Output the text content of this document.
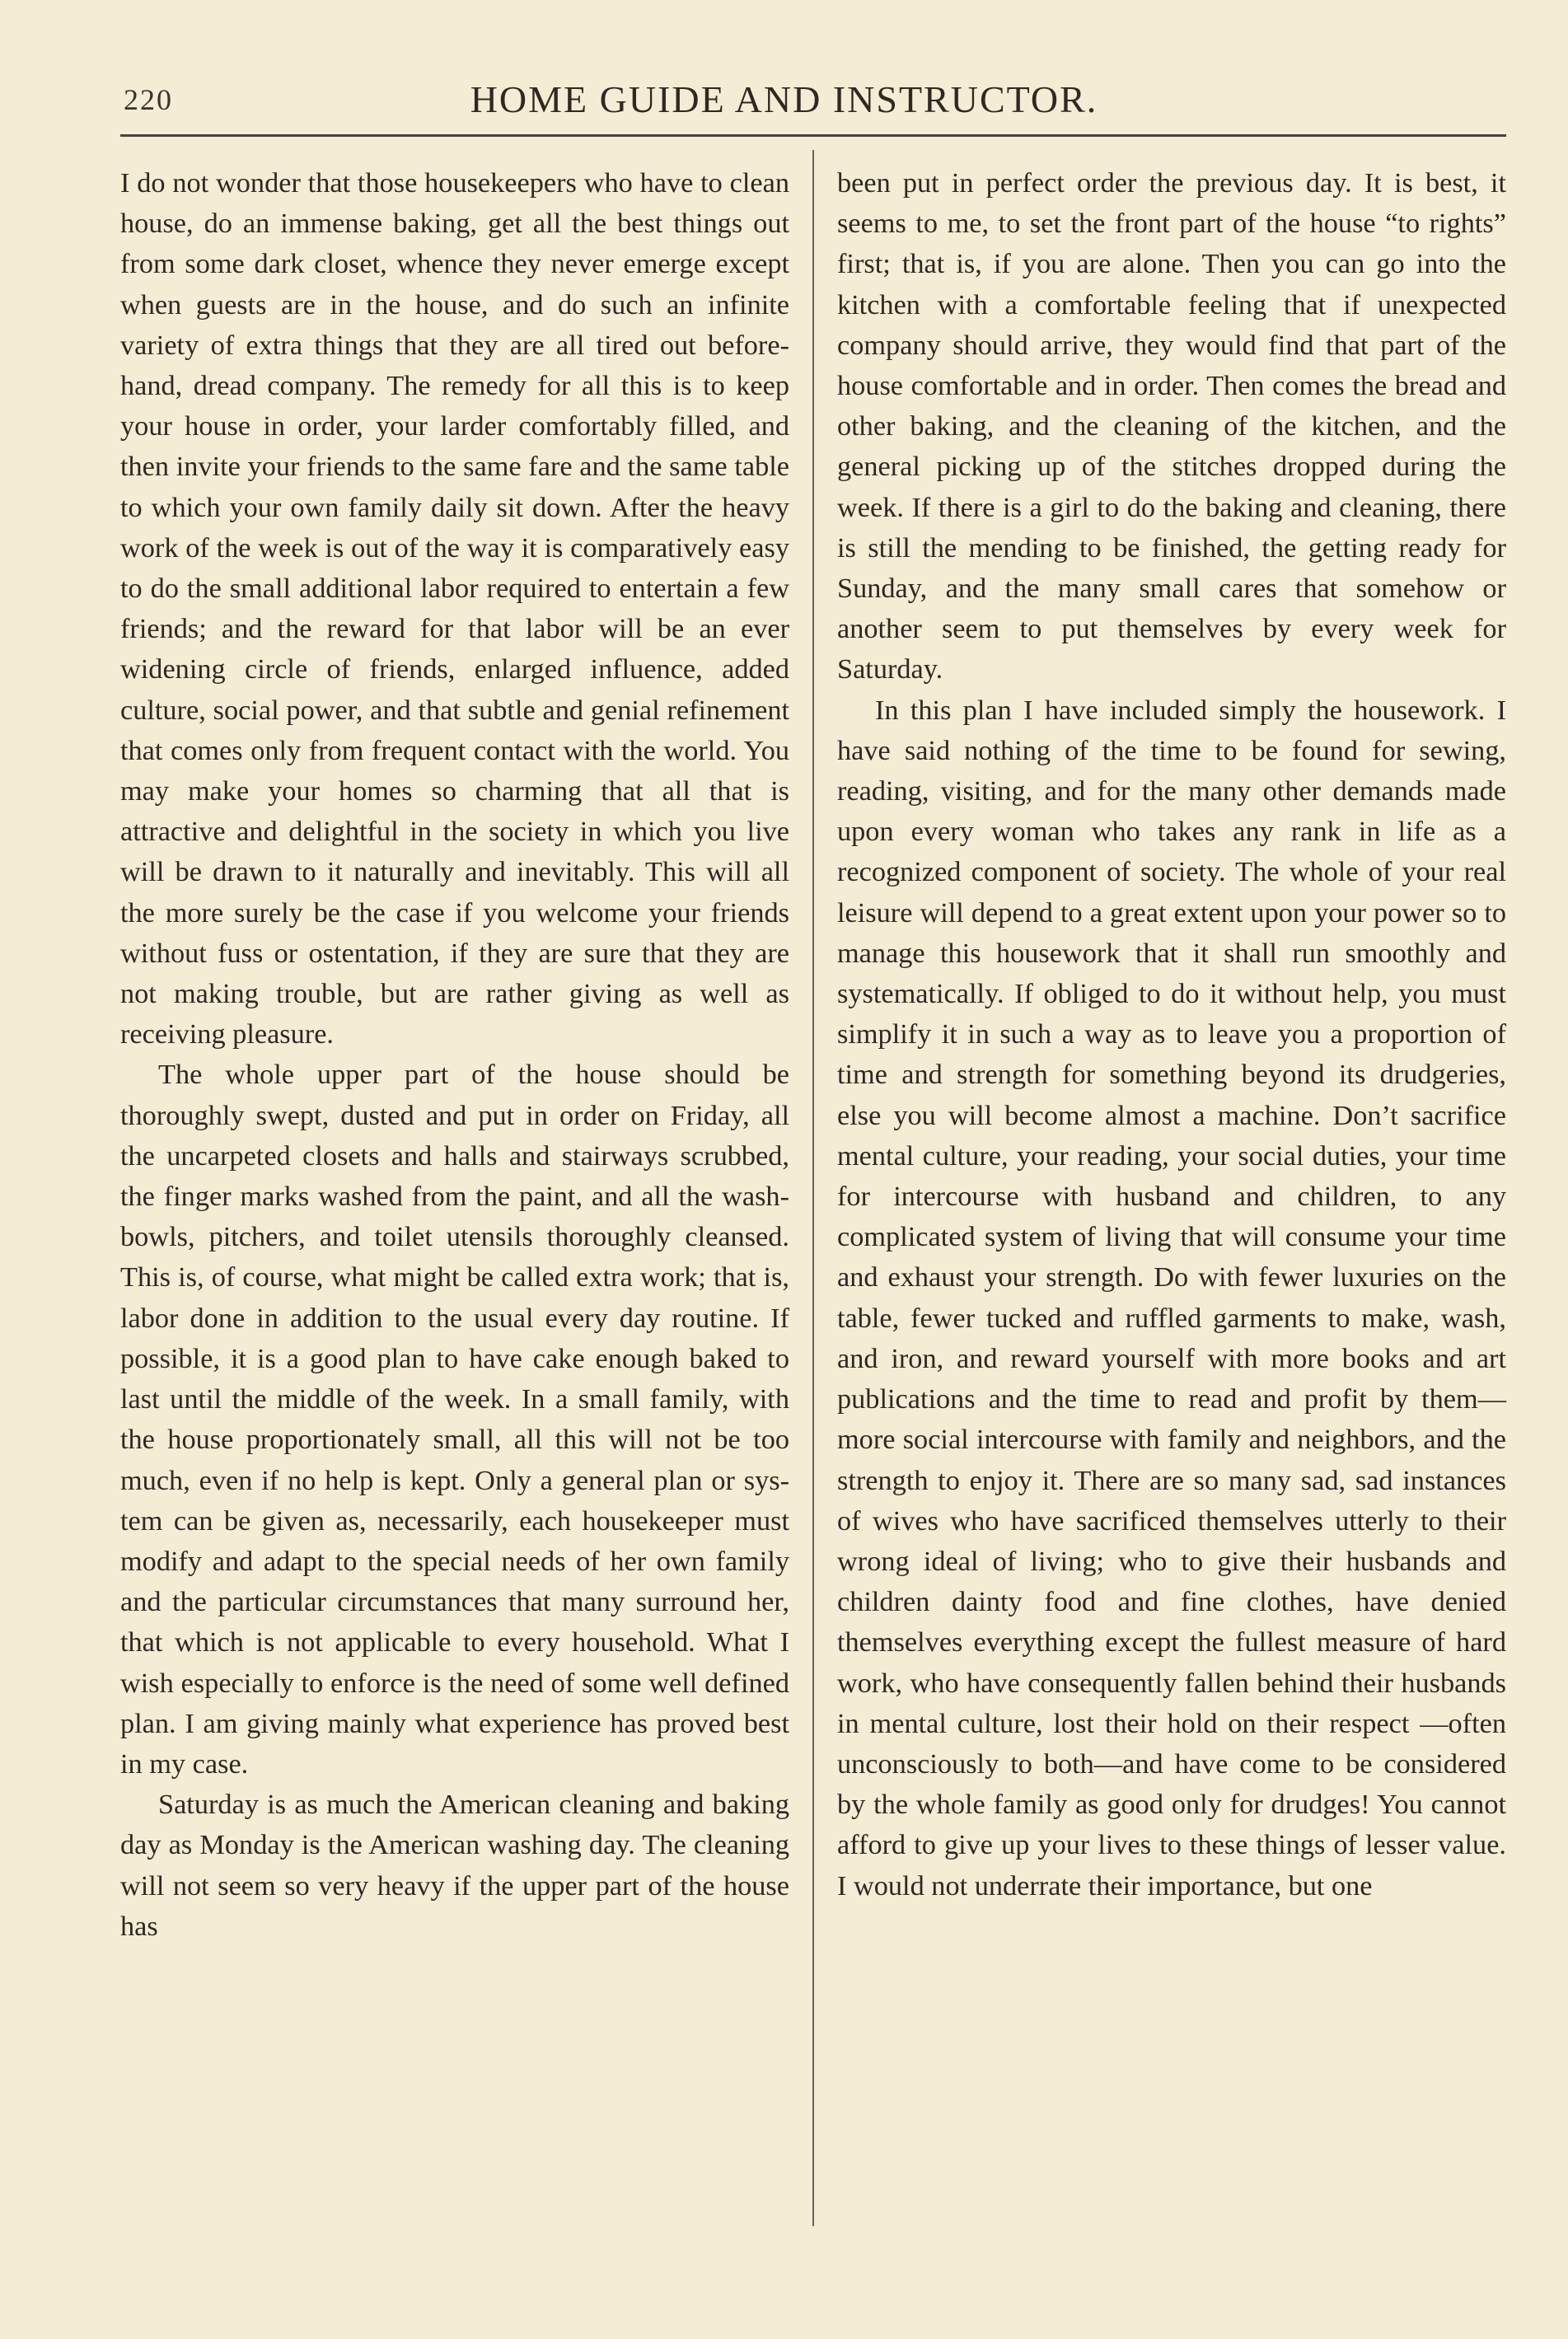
220	HOME GUIDE AND INSTRUCTOR.

I do not wonder that those housekeepers who have to clean house, do an immense baking, get all the best things out from some dark closet, whence they never emerge except when guests are in the house, and do such an infinite variety of extra things that they are all tired out beforehand, dread company. The remedy for all this is to keep your house in order, your larder comfortably filled, and then invite your friends to the same fare and the same table to which your own family daily sit down. After the heavy work of the week is out of the way it is comparatively easy to do the small additional labor required to entertain a few friends; and the reward for that labor will be an ever widening circle of friends, enlarged influence, added culture, social power, and that subtle and genial refinement that comes only from frequent contact with the world. You may make your homes so charming that all that is attractive and delightful in the society in which you live will be drawn to it naturally and inevitably. This will all the more surely be the case if you welcome your friends without fuss or ostentation, if they are sure that they are not making trouble, but are rather giving as well as receiving pleasure.

The whole upper part of the house should be thoroughly swept, dusted and put in order on Friday, all the uncarpeted closets and halls and stairways scrubbed, the finger marks washed from the paint, and all the wash-bowls, pitchers, and toilet utensils thoroughly cleansed. This is, of course, what might be called extra work; that is, labor done in addition to the usual every day routine. If possible, it is a good plan to have cake enough baked to last until the middle of the week. In a small family, with the house proportionately small, all this will not be too much, even if no help is kept. Only a general plan or system can be given as, necessarily, each housekeeper must modify and adapt to the special needs of her own family and the particular circumstances that many surround her, that which is not applicable to every household. What I wish especially to enforce is the need of some well defined plan. I am giving mainly what experience has proved best in my case.

Saturday is as much the American cleaning and baking day as Monday is the American washing day. The cleaning will not seem so very heavy if the upper part of the house has

been put in perfect order the previous day. It is best, it seems to me, to set the front part of the house “to rights” first; that is, if you are alone. Then you can go into the kitchen with a comfortable feeling that if unexpected company should arrive, they would find that part of the house comfortable and in order. Then comes the bread and other baking, and the cleaning of the kitchen, and the general picking up of the stitches dropped during the week. If there is a girl to do the baking and cleaning, there is still the mending to be finished, the getting ready for Sunday, and the many small cares that somehow or another seem to put themselves by every week for Saturday.

In this plan I have included simply the housework. I have said nothing of the time to be found for sewing, reading, visiting, and for the many other demands made upon every woman who takes any rank in life as a recognized component of society. The whole of your real leisure will depend to a great extent upon your power so to manage this housework that it shall run smoothly and systematically. If obliged to do it without help, you must simplify it in such a way as to leave you a proportion of time and strength for something beyond its drudgeries, else you will become almost a machine. Don’t sacrifice mental culture, your reading, your social duties, your time for intercourse with husband and children, to any complicated system of living that will consume your time and exhaust your strength. Do with fewer luxuries on the table, fewer tucked and ruffled garments to make, wash, and iron, and reward yourself with more books and art publications and the time to read and profit by them—more social intercourse with family and neighbors, and the strength to enjoy it. There are so many sad, sad instances of wives who have sacrificed themselves utterly to their wrong ideal of living; who to give their husbands and children dainty food and fine clothes, have denied themselves everything except the fullest measure of hard work, who have consequently fallen behind their husbands in mental culture, lost their hold on their respect —often unconsciously to both—and have come to be considered by the whole family as good only for drudges! You cannot afford to give up your lives to these things of lesser value. I would not underrate their importance, but one
